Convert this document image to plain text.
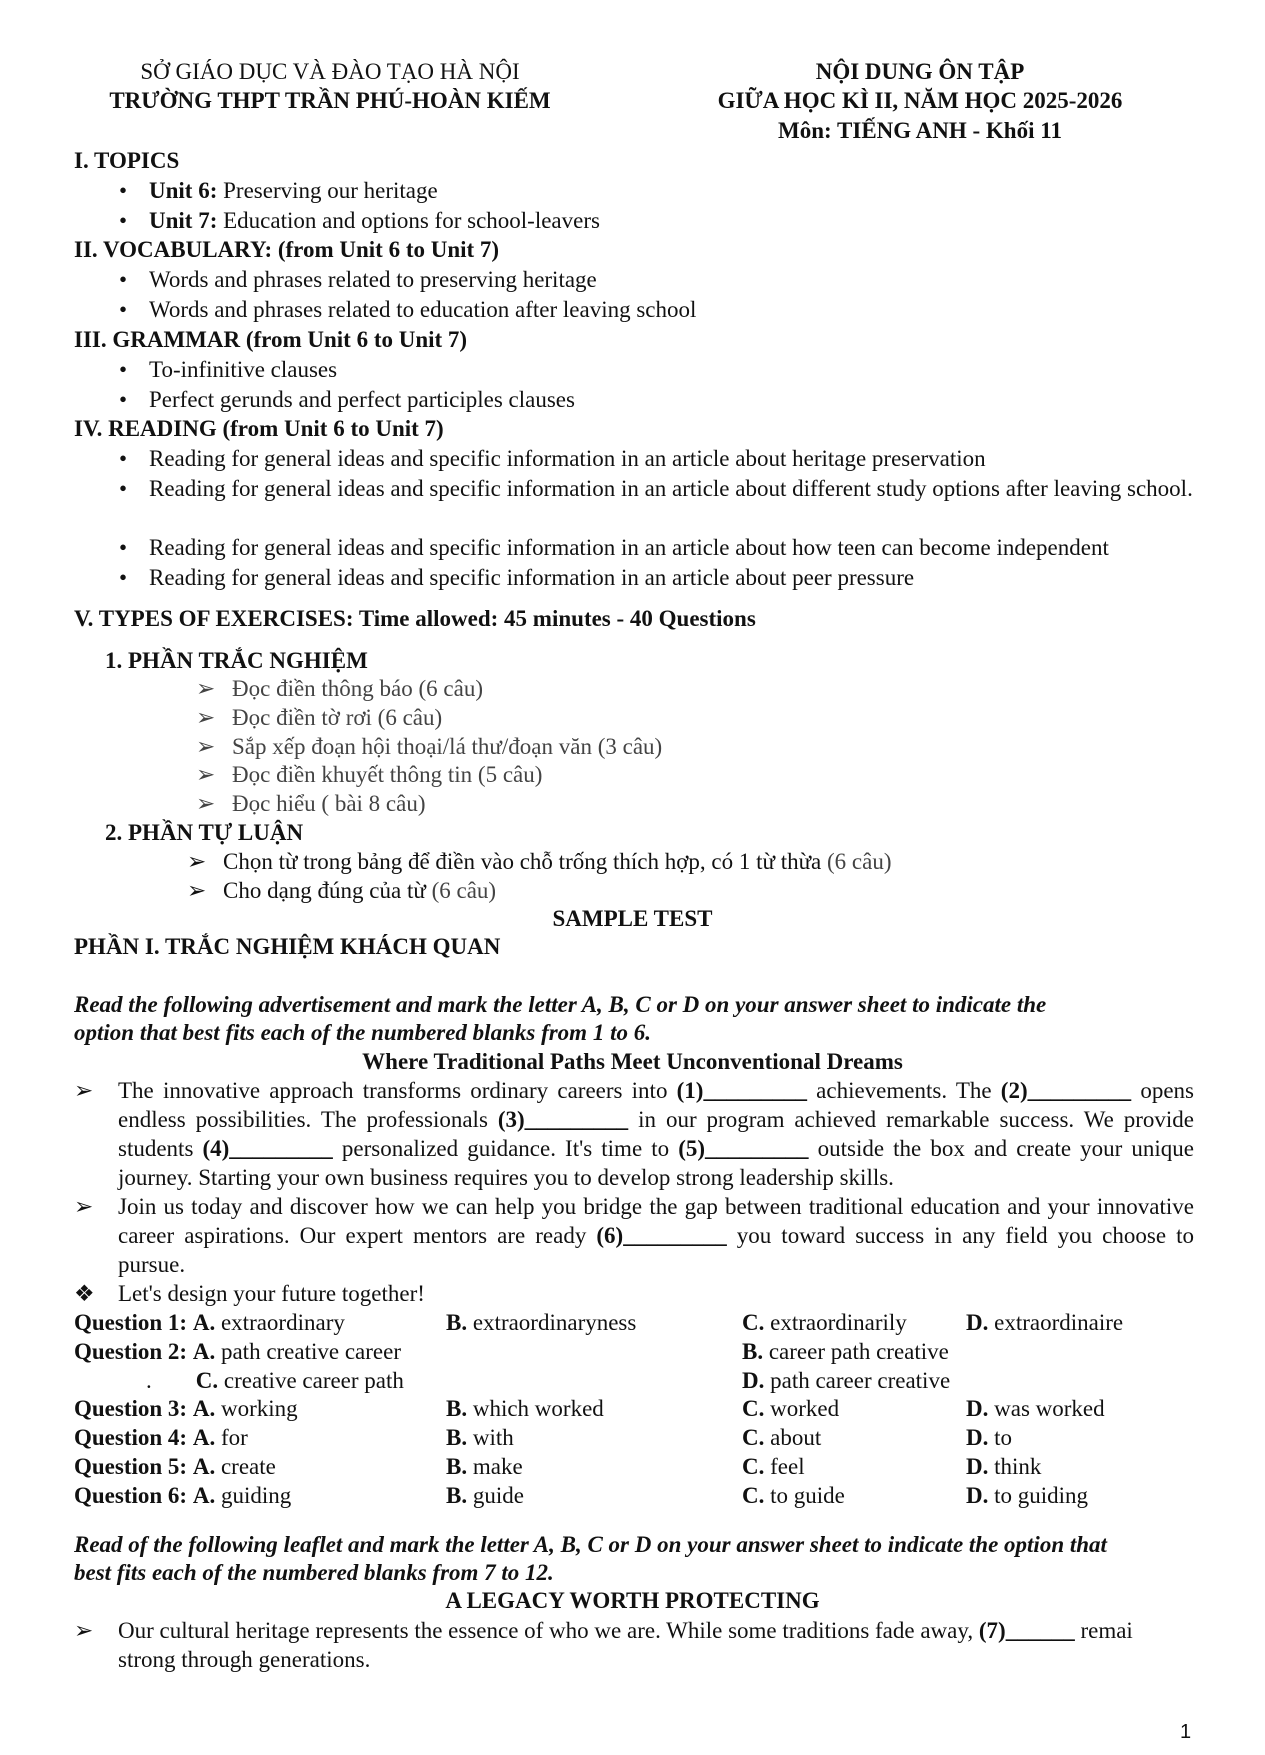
SỞ GIÁO DỤC VÀ ĐÀO TẠO HÀ NỘI
TRƯỜNG THPT TRẦN PHÚ-HOÀN KIẾM
NỘI DUNG ÔN TẬP
GIỮA HỌC KÌ II, NĂM HỌC 2025-2026
Môn: TIẾNG ANH - Khối 11
I. TOPICS
• Unit 6: Preserving our heritage
• Unit 7: Education and options for school-leavers
II. VOCABULARY: (from Unit 6 to Unit 7)
• Words and phrases related to preserving heritage
• Words and phrases related to education after leaving school
III. GRAMMAR (from Unit 6 to Unit 7)
• To-infinitive clauses
• Perfect gerunds and perfect participles clauses
IV. READING (from Unit 6 to Unit 7)
• Reading for general ideas and specific information in an article about heritage preservation
• Reading for general ideas and specific information in an article about different study options after leaving school.
• Reading for general ideas and specific information in an article about how teen can become independent
• Reading for general ideas and specific information in an article about peer pressure
V. TYPES OF EXERCISES: Time allowed: 45 minutes - 40 Questions
1. PHẦN TRẮC NGHIỆM
➢ Đọc điền thông báo (6 câu)
➢ Đọc điền tờ rơi (6 câu)
➢ Sắp xếp đoạn hội thoại/lá thư/đoạn văn (3 câu)
➢ Đọc điền khuyết thông tin (5 câu)
➢ Đọc hiểu ( bài 8 câu)
2. PHẦN TỰ LUẬN
➢ Chọn từ trong bảng để điền vào chỗ trống thích hợp, có 1 từ thừa (6 câu)
➢ Cho dạng đúng của từ (6 câu)
SAMPLE TEST
PHẦN I. TRẮC NGHIỆM KHÁCH QUAN
Read the following advertisement and mark the letter A, B, C or D on your answer sheet to indicate the
option that best fits each of the numbered blanks from 1 to 6.
Where Traditional Paths Meet Unconventional Dreams
➢ The innovative approach transforms ordinary careers into (1)_________ achievements. The (2)_________ opens endless possibilities. The professionals (3)_________ in our program achieved remarkable success. We provide students (4)_________ personalized guidance. It's time to (5)_________ outside the box and create your unique journey. Starting your own business requires you to develop strong leadership skills.
➢ Join us today and discover how we can help you bridge the gap between traditional education and your innovative career aspirations. Our expert mentors are ready (6)_________ you toward success in any field you choose to pursue.
❖ Let's design your future together!
Question 1: A. extraordinary	B. extraordinaryness	C. extraordinarily	D. extraordinaire
Question 2: A. path creative career	B. career path creative
. C. creative career path	D. path career creative
Question 3: A. working	B. which worked	C. worked	D. was worked
Question 4: A. for	B. with	C. about	D. to
Question 5: A. create	B. make	C. feel	D. think
Question 6: A. guiding	B. guide	C. to guide	D. to guiding
Read of the following leaflet and mark the letter A, B, C or D on your answer sheet to indicate the option that
best fits each of the numbered blanks from 7 to 12.
A LEGACY WORTH PROTECTING
➢ Our cultural heritage represents the essence of who we are. While some traditions fade away, (7)______ remai
strong through generations.
1
